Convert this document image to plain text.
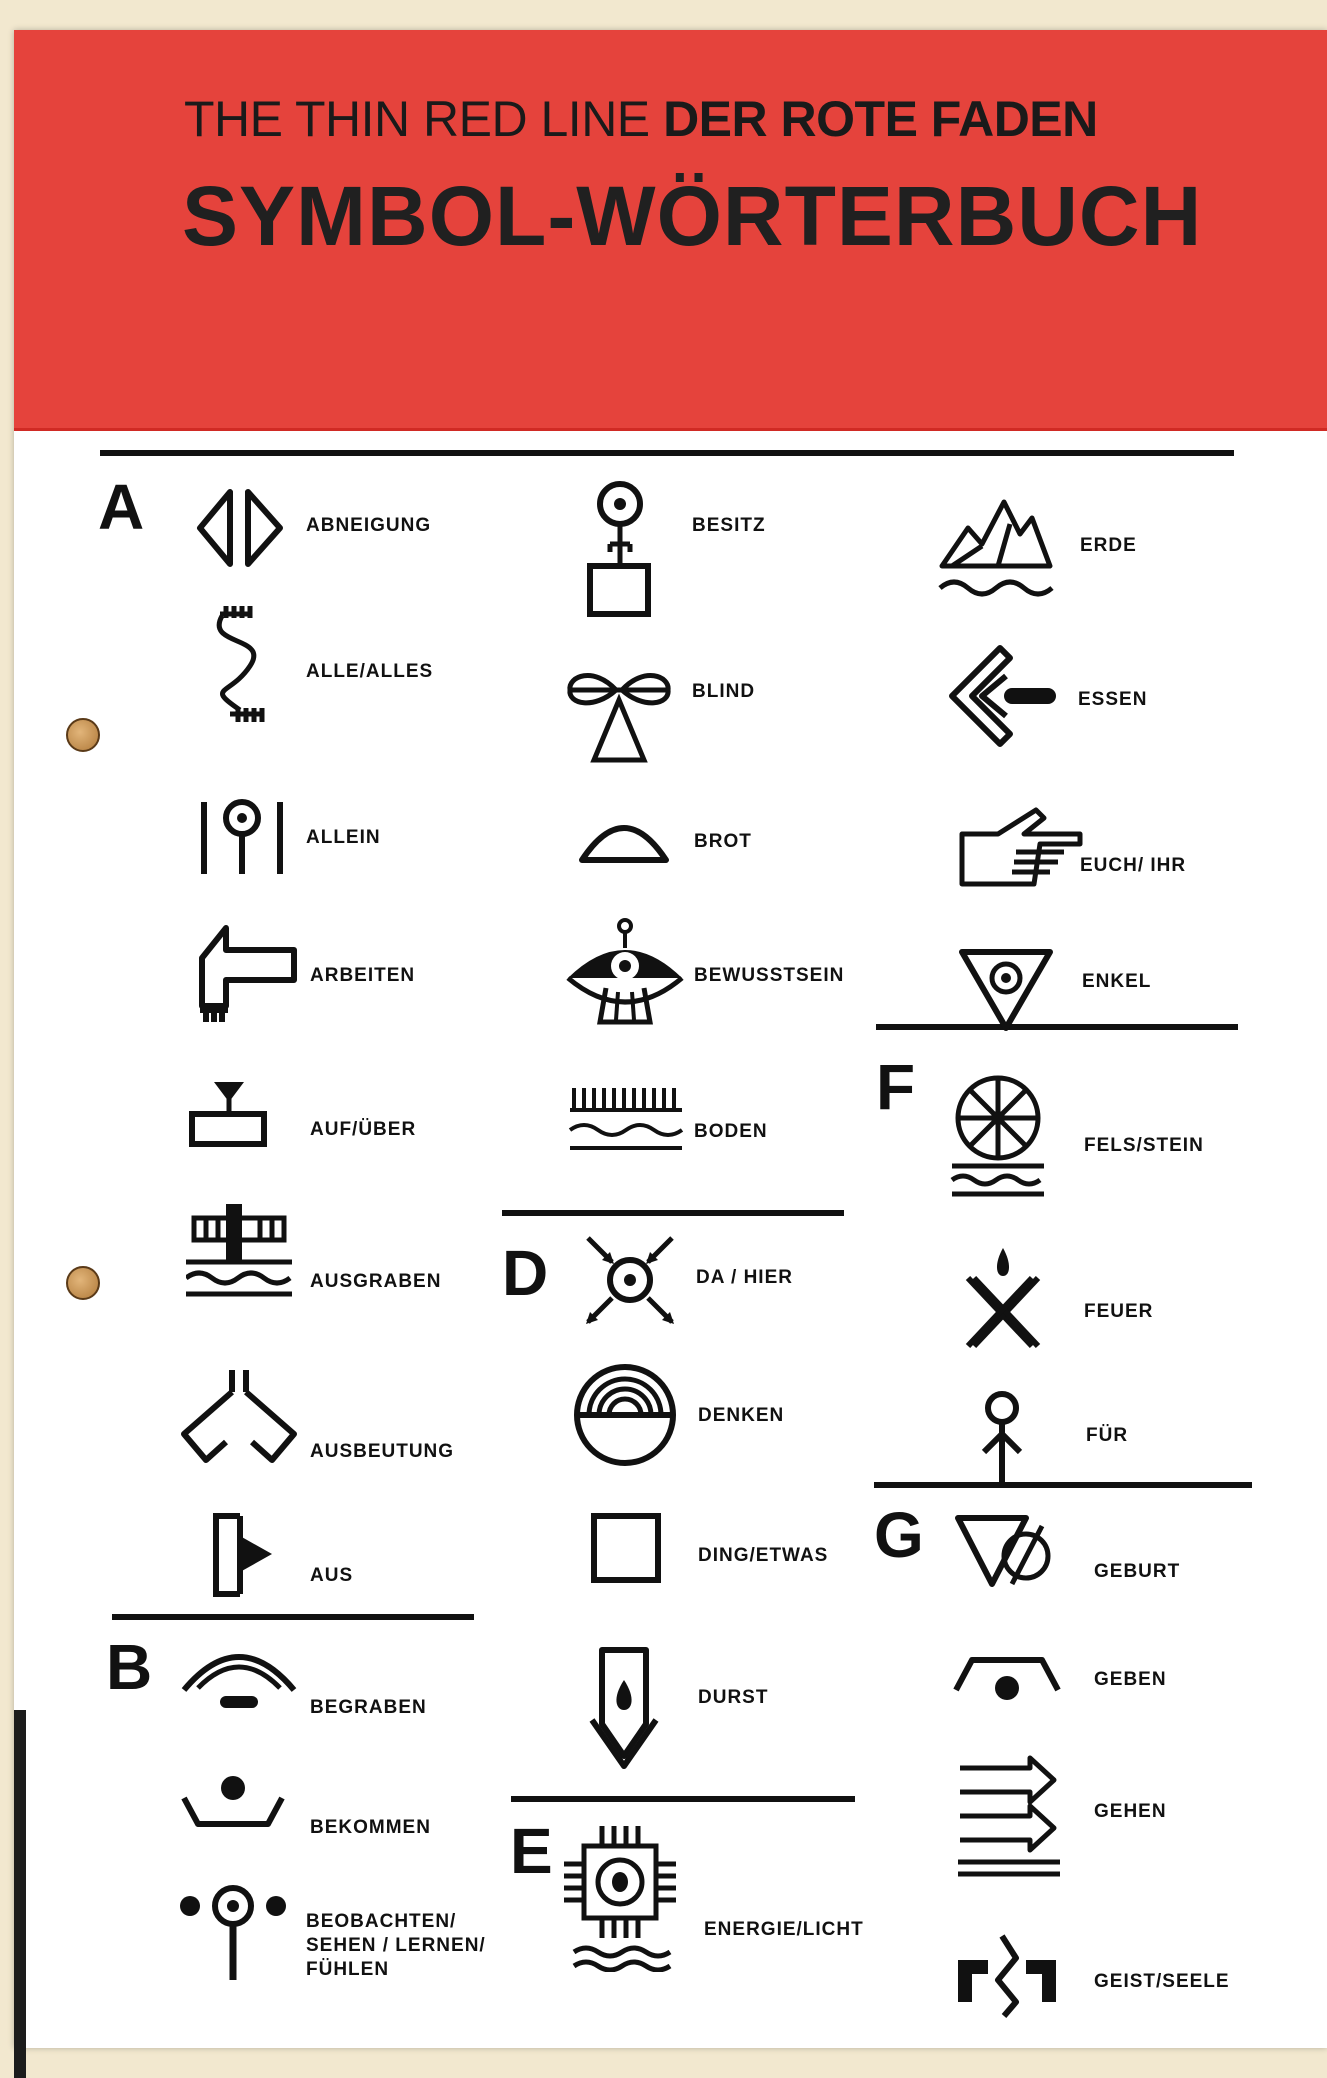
THE THIN RED LINE DER ROTE FADEN
SYMBOL-WÖRTERBUCH
A
B
D
E
F
G
ABNEIGUNG
ALLE/ALLES
ALLEIN
ARBEITEN
AUF/ÜBER
AUSGRABEN
AUSBEUTUNG
AUS
BEGRABEN
BEKOMMEN
BEOBACHTEN/ SEHEN / LERNEN/ FÜHLEN
BESITZ
BLIND
BROT
BEWUSSTSEIN
BODEN
DA / HIER
DENKEN
DING/ETWAS
DURST
ENERGIE/LICHT
ERDE
ESSEN
EUCH/ IHR
ENKEL
FELS/STEIN
FEUER
FÜR
GEBURT
GEBEN
GEHEN
GEIST/SEELE
